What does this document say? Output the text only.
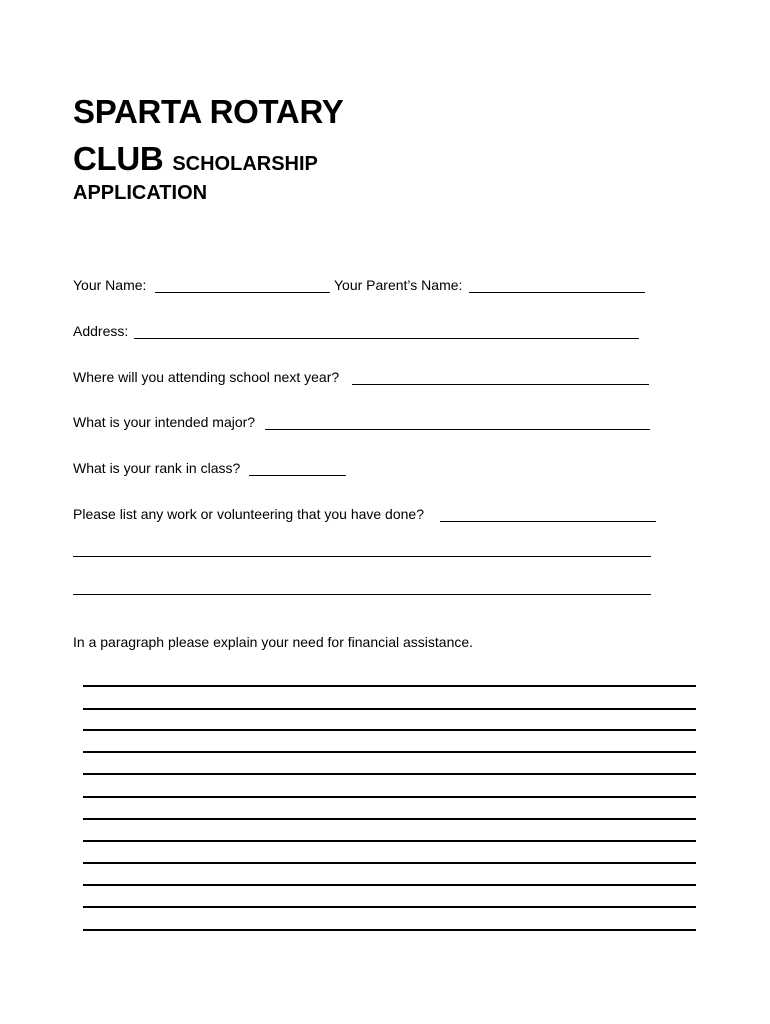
SPARTA ROTARY
CLUB SCHOLARSHIP
APPLICATION
Your Name:	Your Parent’s Name:
Address:
Where will you attending school next year?
What is your intended major?
What is your rank in class?
Please list any work or volunteering that you have done?
In a paragraph please explain your need for financial assistance.
